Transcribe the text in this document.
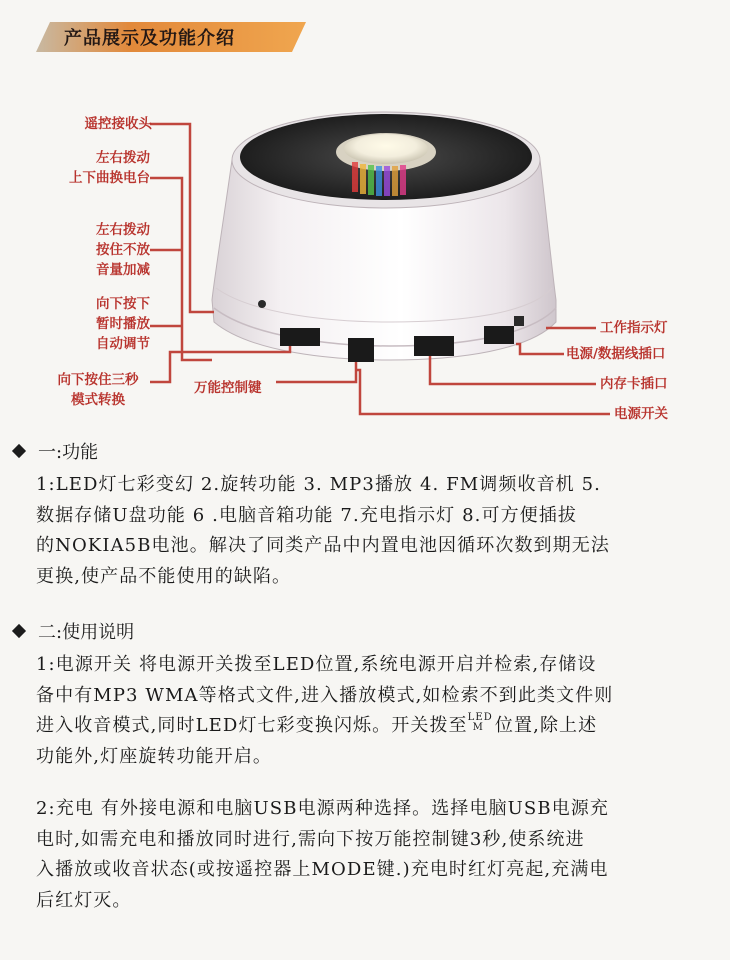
产品展示及功能介绍
遥控接收头
左右拨动
上下曲换电台
左右拨动
按住不放
音量加减
向下按下
暂时播放
自动调节
向下按住三秒
模式转换
万能控制键
工作指示灯
电源/数据线插口
内存卡插口
电源开关
一:功能
1:LED灯七彩变幻 2.旋转功能 3. MP3播放 4. FM调频收音机 5.
数据存储U盘功能 6 .电脑音箱功能 7.充电指示灯 8.可方便插拔
的NOKIA5B电池。解决了同类产品中内置电池因循环次数到期无法
更换,使产品不能使用的缺陷。
二:使用说明
1:电源开关 将电源开关拨至LED位置,系统电源开启并检索,存储设
备中有MP3 WMA等格式文件,进入播放模式,如检索不到此类文件则
进入收音模式,同时LED灯七彩变换闪烁。开关拨至 LED
M 位置,除上述
功能外,灯座旋转功能开启。
2:充电 有外接电源和电脑USB电源两种选择。选择电脑USB电源充
电时,如需充电和播放同时进行,需向下按万能控制键3秒,使系统进
入播放或收音状态(或按遥控器上MODE键.)充电时红灯亮起,充满电
后红灯灭。
